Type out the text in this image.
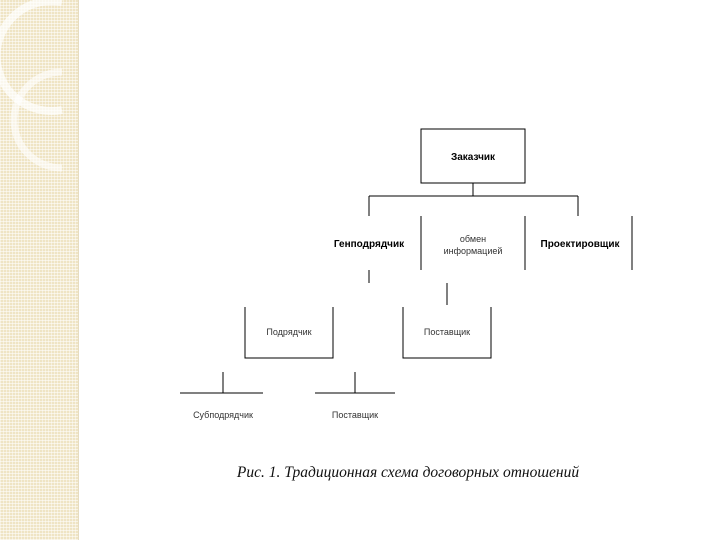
Заказчик
Генподрядчик	обмен
информацией
Проектировщик
Подрядчик	Поставщик
Субподрядчик	Поставщик
Рис. 1. Традиционная схема договорных отношений
